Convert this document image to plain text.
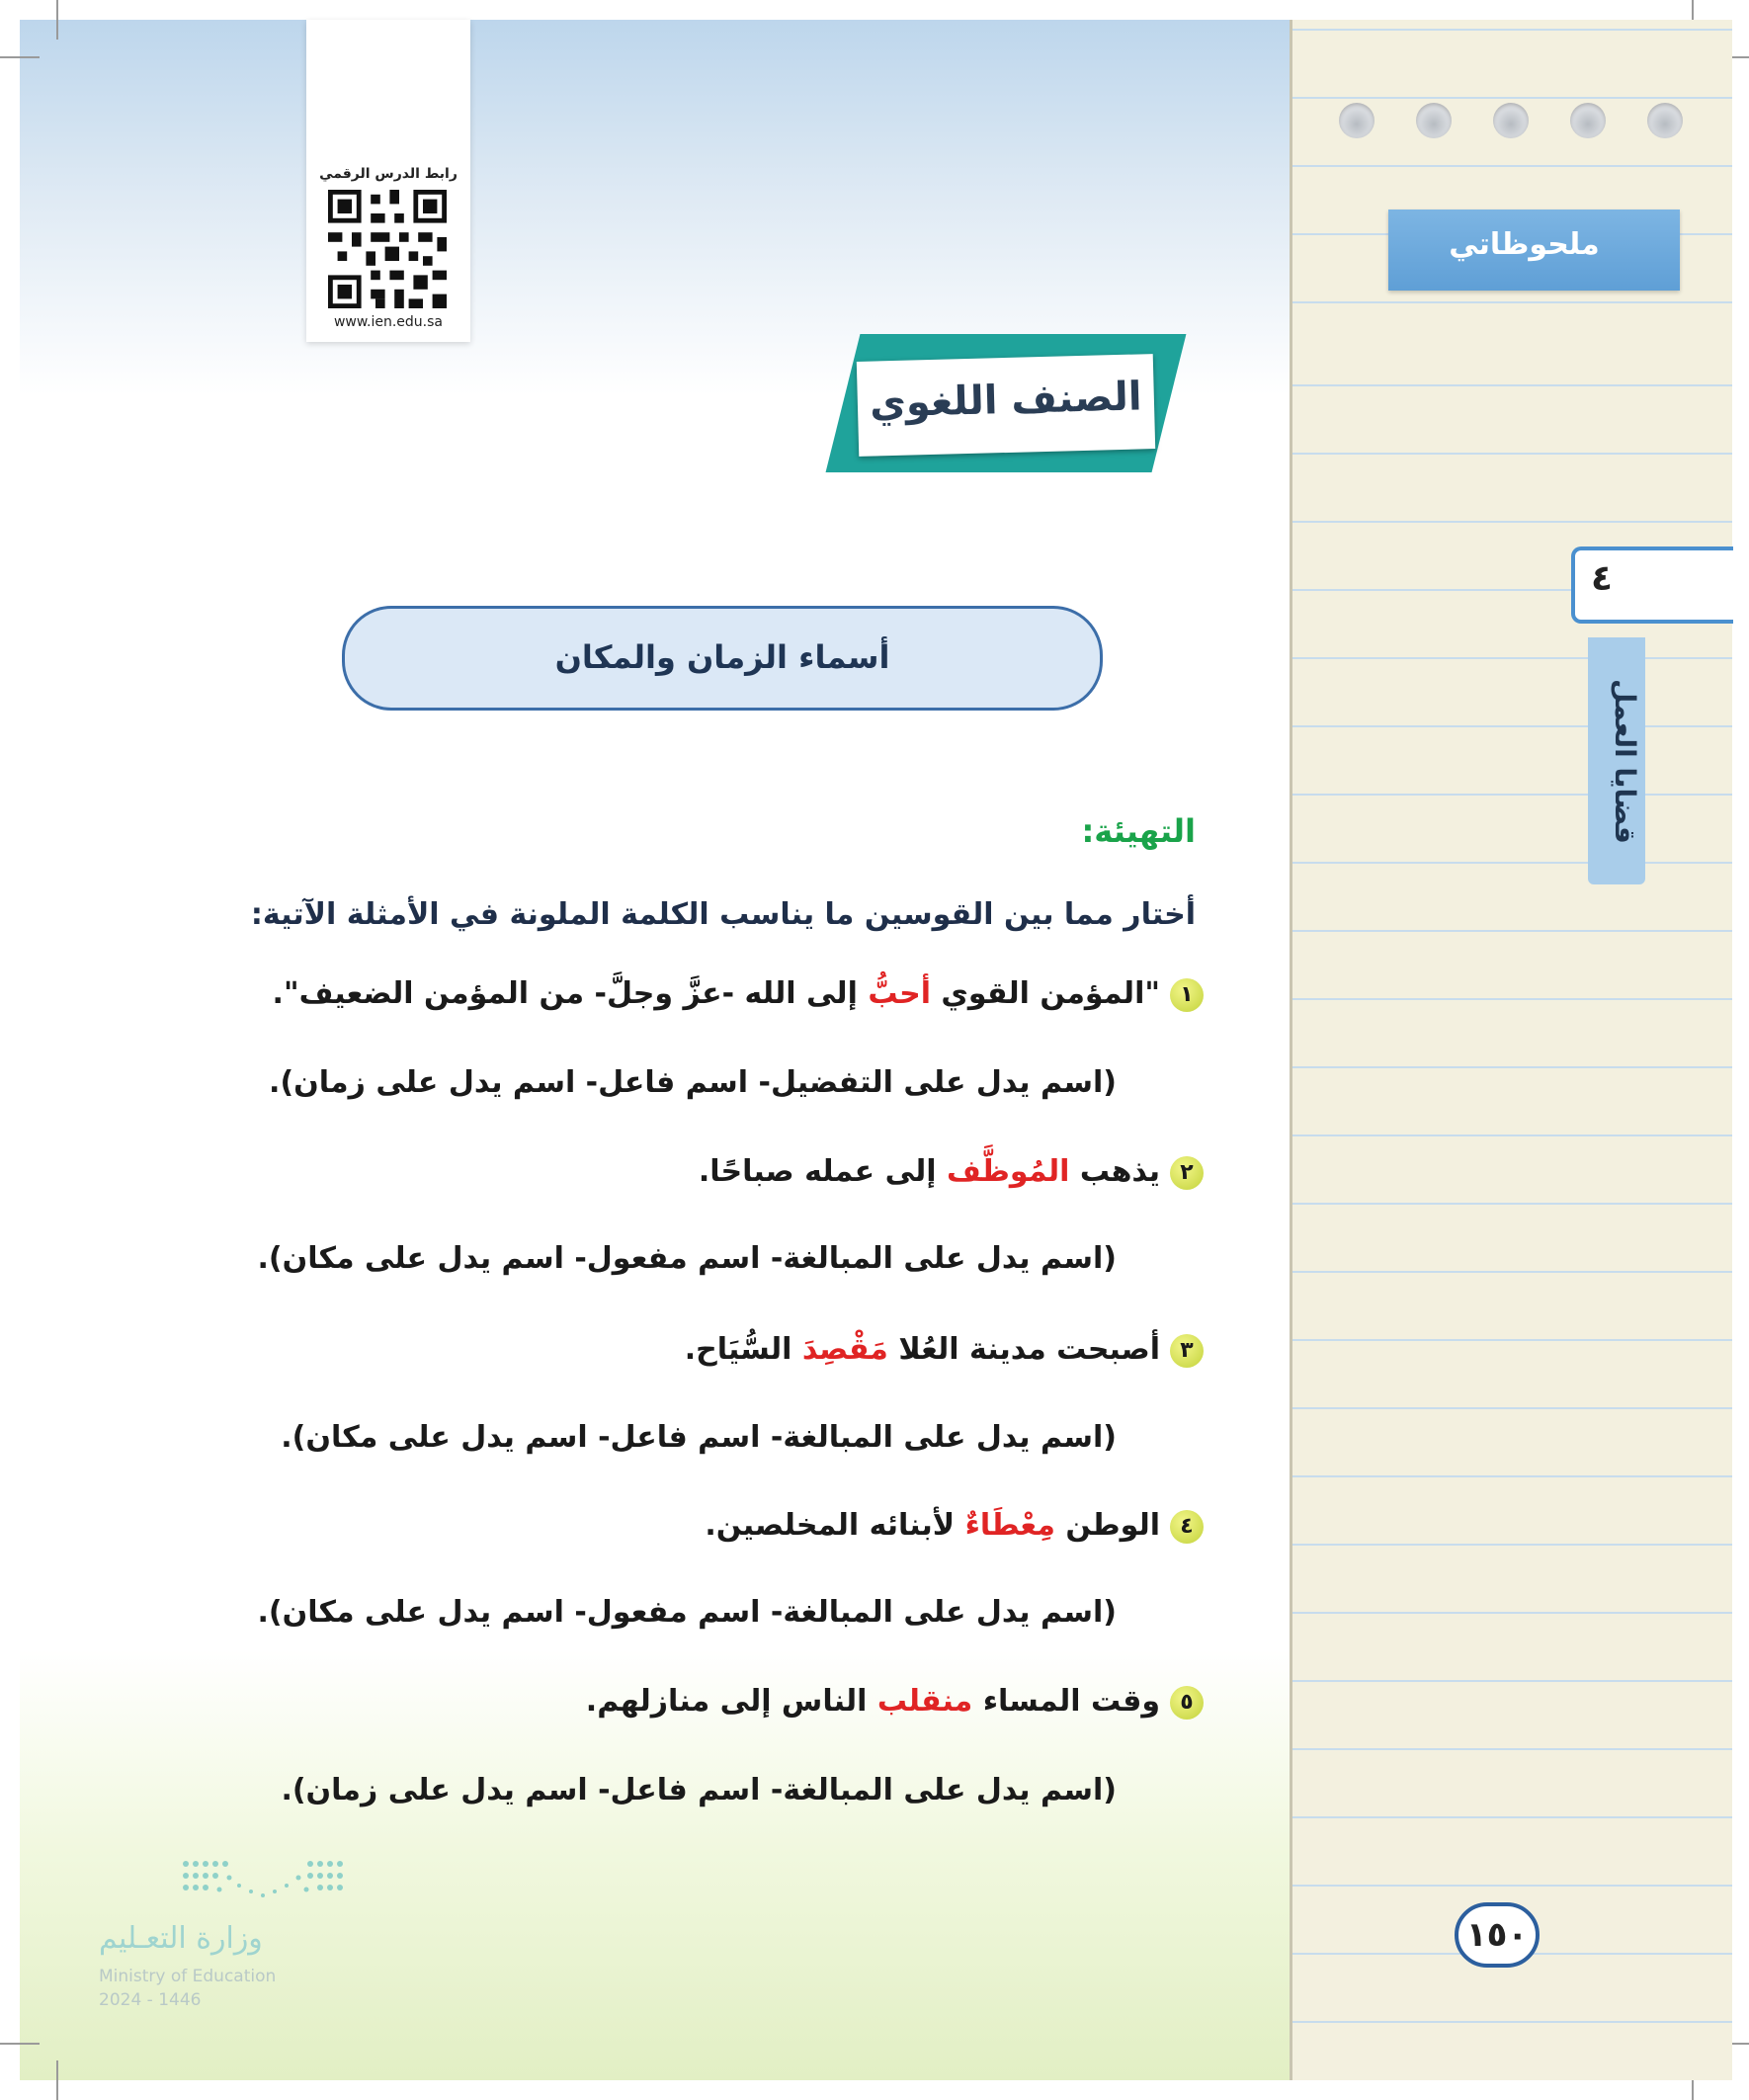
رابط الدرس الرقمي
www.ien.edu.sa
ملحوظاتي
٤
قضايا العمل
١٥٠
الصنف اللغوي
أسماء الزمان والمكان
التهيئة:
أختار مما بين القوسين ما يناسب الكلمة الملونة في الأمثلة الآتية:
١"المؤمن القوي أحبُّ إلى الله -عزَّ وجلَّ- من المؤمن الضعيف".
(اسم يدل على التفضيل- اسم فاعل- اسم يدل على زمان).
٢يذهب المُوظَّف إلى عمله صباحًا.
(اسم يدل على المبالغة- اسم مفعول- اسم يدل على مكان).
٣أصبحت مدينة العُلا مَقْصِدَ السُّيَاح.
(اسم يدل على المبالغة- اسم فاعل- اسم يدل على مكان).
٤الوطن مِعْطَاءٌ لأبنائه المخلصين.
(اسم يدل على المبالغة- اسم مفعول- اسم يدل على مكان).
٥وقت المساء منقلب الناس إلى منازلهم.
(اسم يدل على المبالغة- اسم فاعل- اسم يدل على زمان).
وزارة التعـليم
Ministry of Education
2024 - 1446
